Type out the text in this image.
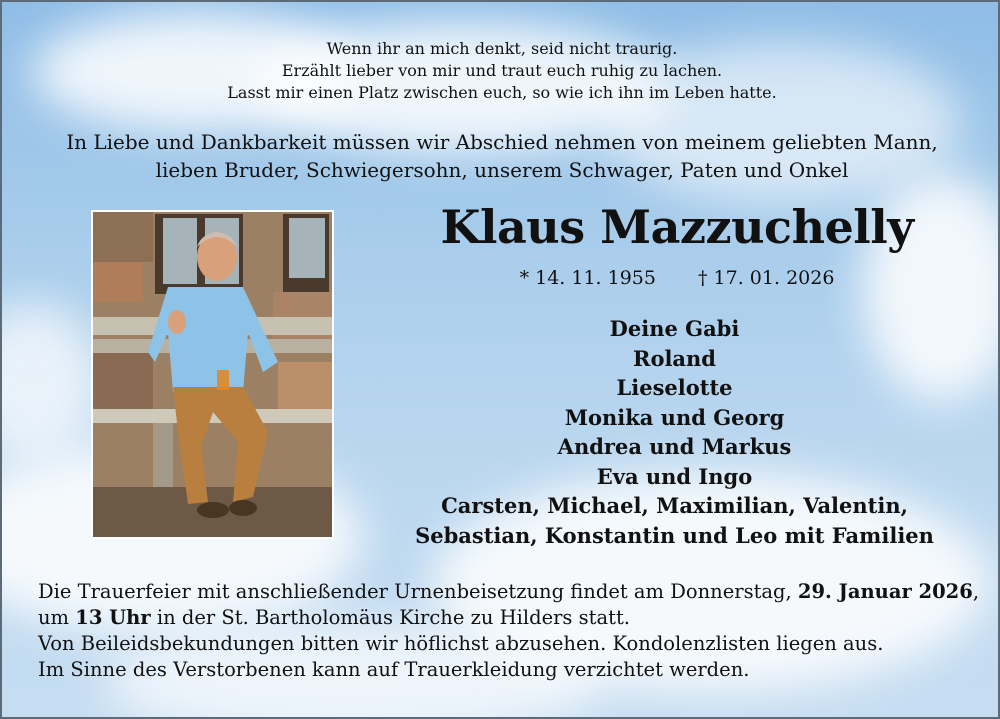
Wenn ihr an mich denkt, seid nicht traurig.
Erzählt lieber von mir und traut euch ruhig zu lachen.
Lasst mir einen Platz zwischen euch, so wie ich ihn im Leben hatte.
In Liebe und Dankbarkeit müssen wir Abschied nehmen von meinem geliebten Mann,
lieben Bruder, Schwiegersohn, unserem Schwager, Paten und Onkel
Klaus Mazzuchelly
* 14. 11. 1955 † 17. 01. 2026
Deine Gabi
Roland
Lieselotte
Monika und Georg
Andrea und Markus
Eva und Ingo
Carsten, Michael, Maximilian, Valentin,
Sebastian, Konstantin und Leo mit Familien
Die Trauerfeier mit anschließender Urnenbeisetzung findet am Donnerstag, 29. Januar 2026,
um 13 Uhr in der St. Bartholomäus Kirche zu Hilders statt.
Von Beileidsbekundungen bitten wir höflichst abzusehen. Kondolenzlisten liegen aus.
Im Sinne des Verstorbenen kann auf Trauerkleidung verzichtet werden.
